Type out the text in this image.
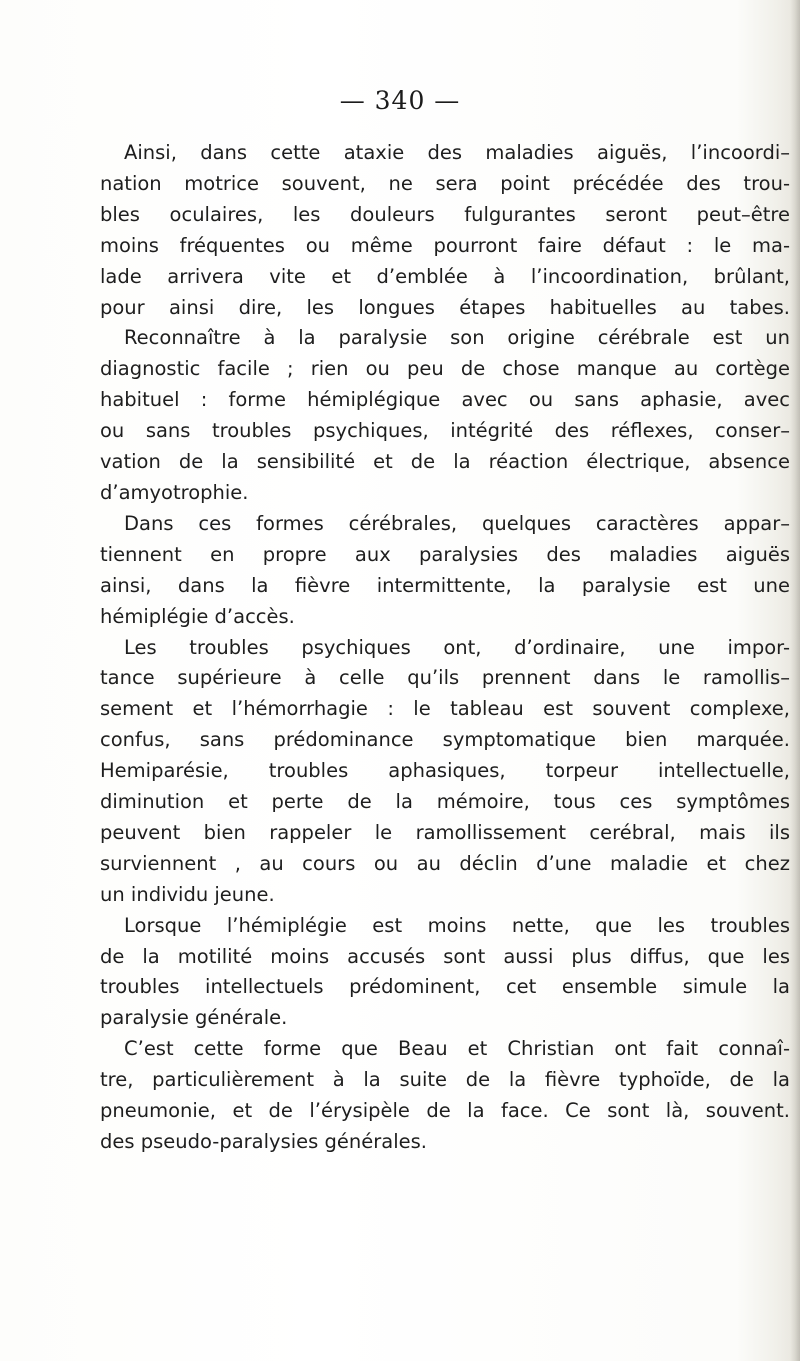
— 340 —

Ainsi, dans cette ataxie des maladies aiguës, l’incoordi–
nation motrice souvent, ne sera point précédée des trou-
bles oculaires, les douleurs fulgurantes seront peut–être
moins fréquentes ou même pourront faire défaut : le ma-
lade arrivera vite et d’emblée à l’incoordination, brûlant,
pour ainsi dire, les longues étapes habituelles au tabes.

Reconnaître à la paralysie son origine cérébrale est un
diagnostic facile ; rien ou peu de chose manque au cortège
habituel : forme hémiplégique avec ou sans aphasie, avec
ou sans troubles psychiques, intégrité des réflexes, conser–
vation de la sensibilité et de la réaction électrique, absence
d’amyotrophie.

Dans ces formes cérébrales, quelques caractères appar–
tiennent en propre aux paralysies des maladies aiguës
ainsi, dans la fièvre intermittente, la paralysie est une
hémiplégie d’accès.

Les troubles psychiques ont, d’ordinaire, une impor-
tance supérieure à celle qu’ils prennent dans le ramollis–
sement et l’hémorrhagie : le tableau est souvent complexe,
confus, sans prédominance symptomatique bien marquée.
Hemiparésie, troubles aphasiques, torpeur intellectuelle,
diminution et perte de la mémoire, tous ces symptômes
peuvent bien rappeler le ramollissement cerébral, mais ils
surviennent , au cours ou au déclin d’une maladie et chez
un individu jeune.

Lorsque l’hémiplégie est moins nette, que les troubles
de la motilité moins accusés sont aussi plus diffus, que les
troubles intellectuels prédominent, cet ensemble simule la
paralysie générale.

C’est cette forme que Beau et Christian ont fait connaî-
tre, particulièrement à la suite de la fièvre typhoïde, de la
pneumonie, et de l’érysipèle de la face. Ce sont là, souvent.
des pseudo-paralysies générales.
